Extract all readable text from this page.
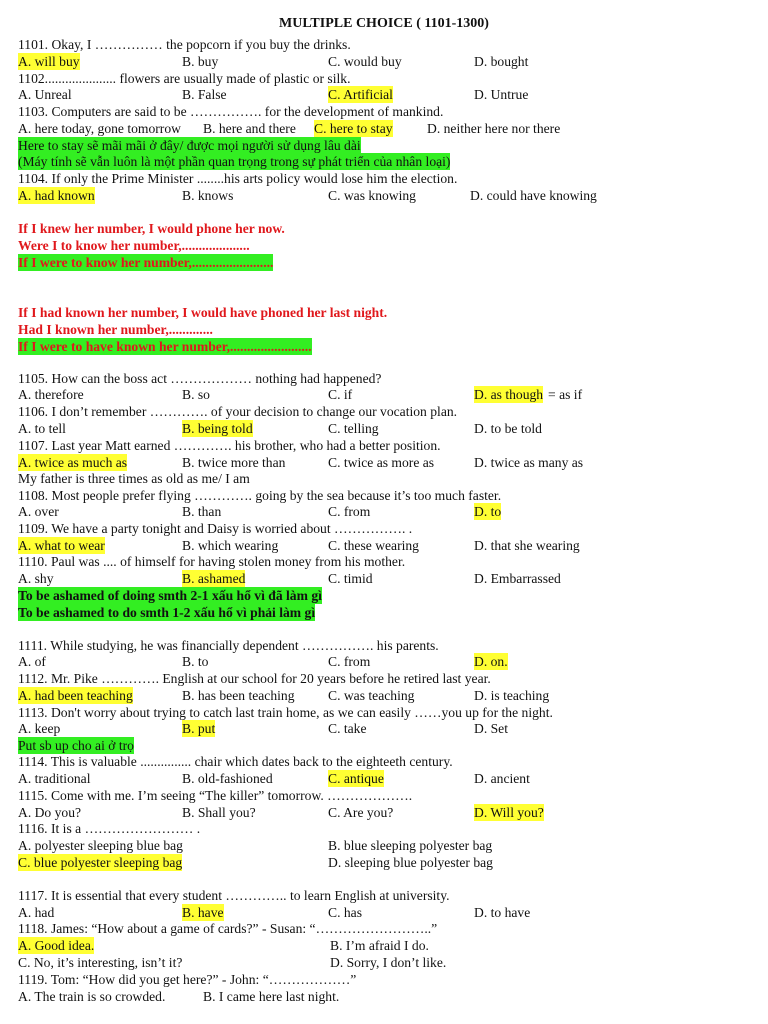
MULTIPLE CHOICE ( 1101-1300)
1101. Okay, I …………… the popcorn if you buy the drinks.
A. will buy	B. buy	C. would buy	D. bought
1102..................... flowers are usually made of plastic or silk.
A. Unreal	B. False	C. Artificial	D. Untrue
1103. Computers are said to be ……………. for the development of mankind.
A. here today, gone tomorrow B. here and there C. here to stay	D. neither here nor there
Here to stay sẽ mãi mãi ở đây/ được mọi người sử dụng lâu dài
(Máy tính sẽ vẫn luôn là một phần quan trọng trong sự phát triển của nhân loại)
1104. If only the Prime Minister ........his arts policy would lose him the election.
A. had known	B. knows	C. was knowing	D. could have knowing
If I knew her number, I would phone her now.
Were I to know her number,....................
If I were to know her number,........................
If I had known her number, I would have phoned her last night.
Had I known her number,.............
If I were to have known her number,........................
1105. How can the boss act ……………… nothing had happened?
A. therefore	B. so	C. if	D. as though = as if
1106. I don’t remember …………. of your decision to change our vocation plan.
A. to tell	B. being told	C. telling	D. to be told
1107. Last year Matt earned …………. his brother, who had a better position.
A. twice as much as	B. twice more than	C. twice as more as	D. twice as many as
My father is three times as old as me/ I am
1108. Most people prefer flying …………. going by the sea because it’s too much faster.
A. over	B. than	C. from	D. to
1109. We have a party tonight and Daisy is worried about ……………. .
A. what to wear	B. which wearing	C. these wearing	D. that she wearing
1110. Paul was .... of himself for having stolen money from his mother.
A. shy	B. ashamed	C. timid	D. Embarrassed
To be ashamed of doing smth 2-1 xấu hổ vì đã làm gì
To be ashamed to do smth 1-2 xấu hổ vì phải làm gì
1111. While studying, he was financially dependent ……………. his parents.
A. of	B. to	C. from	D. on.
1112. Mr. Pike …………. English at our school for 20 years before he retired last year.
A. had been teaching	B. has been teaching C. was teaching	D. is teaching
1113. Don't worry about trying to catch last train home, as we can easily ……you up for the night.
A. keep	B. put	C. take	D. Set
Put sb up cho ai ở trọ
1114. This is valuable ............... chair which dates back to the eighteeth century.
A. traditional	B. old-fashioned	C. antique	D. ancient
1115. Come with me. I’m seeing “The killer” tomorrow. ……………….
A. Do you?	B. Shall you?	C. Are you?	D. Will you?
1116. It is a …………………… .
A. polyester sleeping blue bag	B. blue sleeping polyester bag
C. blue polyester sleeping bag	D. sleeping blue polyester bag
1117. It is essential that every student ………….. to learn English at university.
A. had	B. have	C. has	D. to have
1118. James: “How about a game of cards?” - Susan: “……………………..”
A. Good idea.	B. I’m afraid I do.
C. No, it’s interesting, isn’t it?	D. Sorry, I don’t like.
1119. Tom: “How did you get here?” - John: “………………”
A. The train is so crowded.	B. I came here last night.
